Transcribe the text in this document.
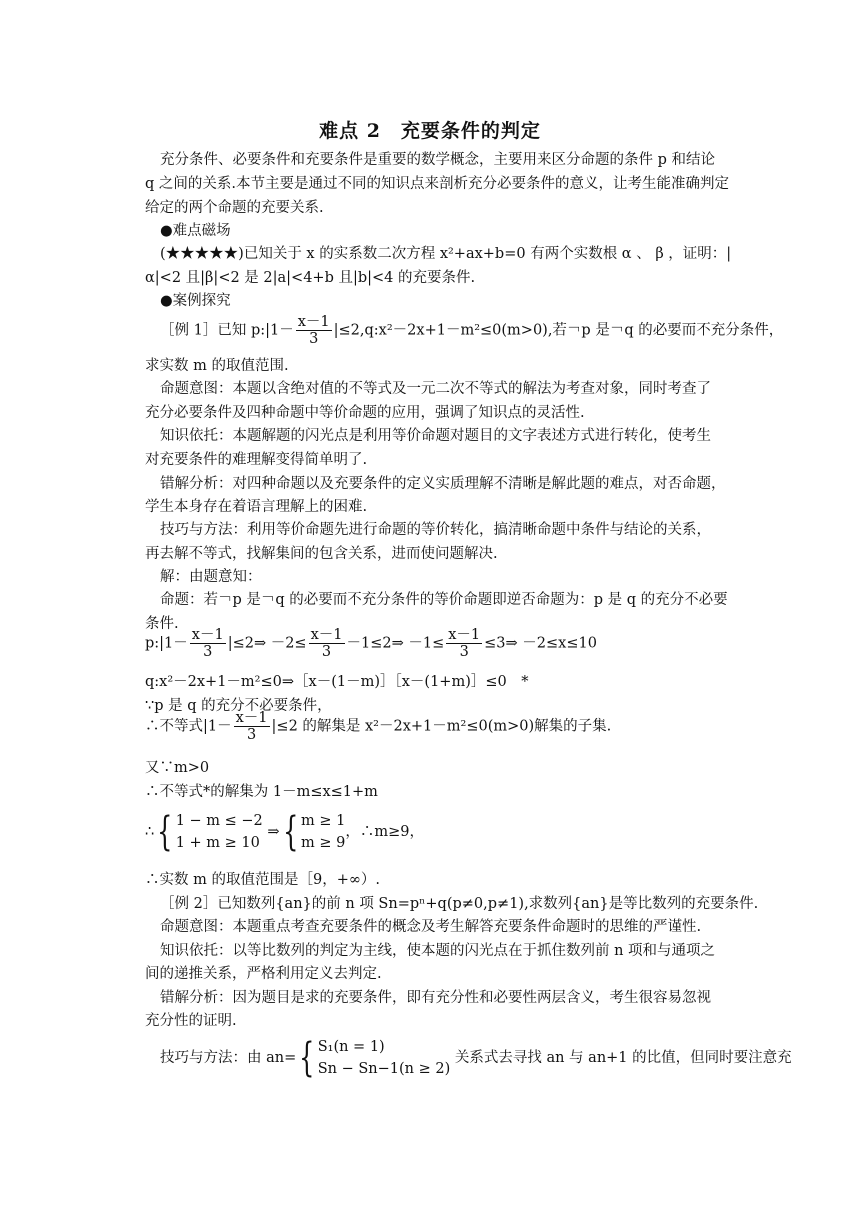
难点 2　充要条件的判定
充分条件、必要条件和充要条件是重要的数学概念，主要用来区分命题的条件 p 和结论
q 之间的关系.本节主要是通过不同的知识点来剖析充分必要条件的意义，让考生能准确判定
给定的两个命题的充要关系.
●难点磁场
(★★★★★)已知关于 x 的实系数二次方程 x²+ax+b=0 有两个实数根 α 、 β ，证明：|
α|<2 且|β|<2 是 2|a|<4+b 且|b|<4 的充要条件.
●案例探究
［例 1］已知 p:|1－ $\frac{x-1}{3}$ |≤2,q:x²－2x+1－m²≤0(m>0),若￢p 是￢q 的必要而不充分条件，
求实数 m 的取值范围.
命题意图：本题以含绝对值的不等式及一元二次不等式的解法为考查对象，同时考查了
充分必要条件及四种命题中等价命题的应用，强调了知识点的灵活性.
知识依托：本题解题的闪光点是利用等价命题对题目的文字表述方式进行转化，使考生
对充要条件的难理解变得简单明了.
错解分析：对四种命题以及充要条件的定义实质理解不清晰是解此题的难点，对否命题，
学生本身存在着语言理解上的困难.
技巧与方法：利用等价命题先进行命题的等价转化，搞清晰命题中条件与结论的关系，
再去解不等式，找解集间的包含关系，进而使问题解决.
解：由题意知：
命题：若￢p 是￢q 的必要而不充分条件的等价命题即逆否命题为：p 是 q 的充分不必要
条件.
p:|1－ $\frac{x-1}{3}$ |≤2⇒ $-2\le \frac{x-1}{3}$ －1≤2⇒ $-1\le \frac{x-1}{3}$ ≤3⇒ －2≤x≤10
q:x²－2x+1－m²≤0⇒［x－(1－m)］［x－(1+m)］≤0　*
∵p 是 q 的充分不必要条件，
∴不等式$|1- \frac{x-1}{3} |\le 2$ 的解集是 x²－2x+1－m²≤0(m>0)解集的子集.
又∵m>0
∴不等式*的解集为 1－m≤x≤1+m
∴{ 1 − m ≤ −2
1 + m ≥ 10
⇒{ m ≥ 1
m ≥ 9
，∴m≥9，
∴实数 m 的取值范围是［9，+∞）.
［例 2］已知数列{an}的前 n 项 Sn=pⁿ+q(p≠0,p≠1),求数列{an}是等比数列的充要条件.
命题意图：本题重点考查充要条件的概念及考生解答充要条件命题时的思维的严谨性.
知识依托：以等比数列的判定为主线，使本题的闪光点在于抓住数列前 n 项和与通项之
间的递推关系，严格利用定义去判定.
错解分析：因为题目是求的充要条件，即有充分性和必要性两层含义，考生很容易忽视
充分性的证明.
技巧与方法：由 an={ S₁(n = 1)
Sn − Sn−1(n ≥ 2)
关系式去寻找 an 与 an+1 的比值，但同时要注意充
